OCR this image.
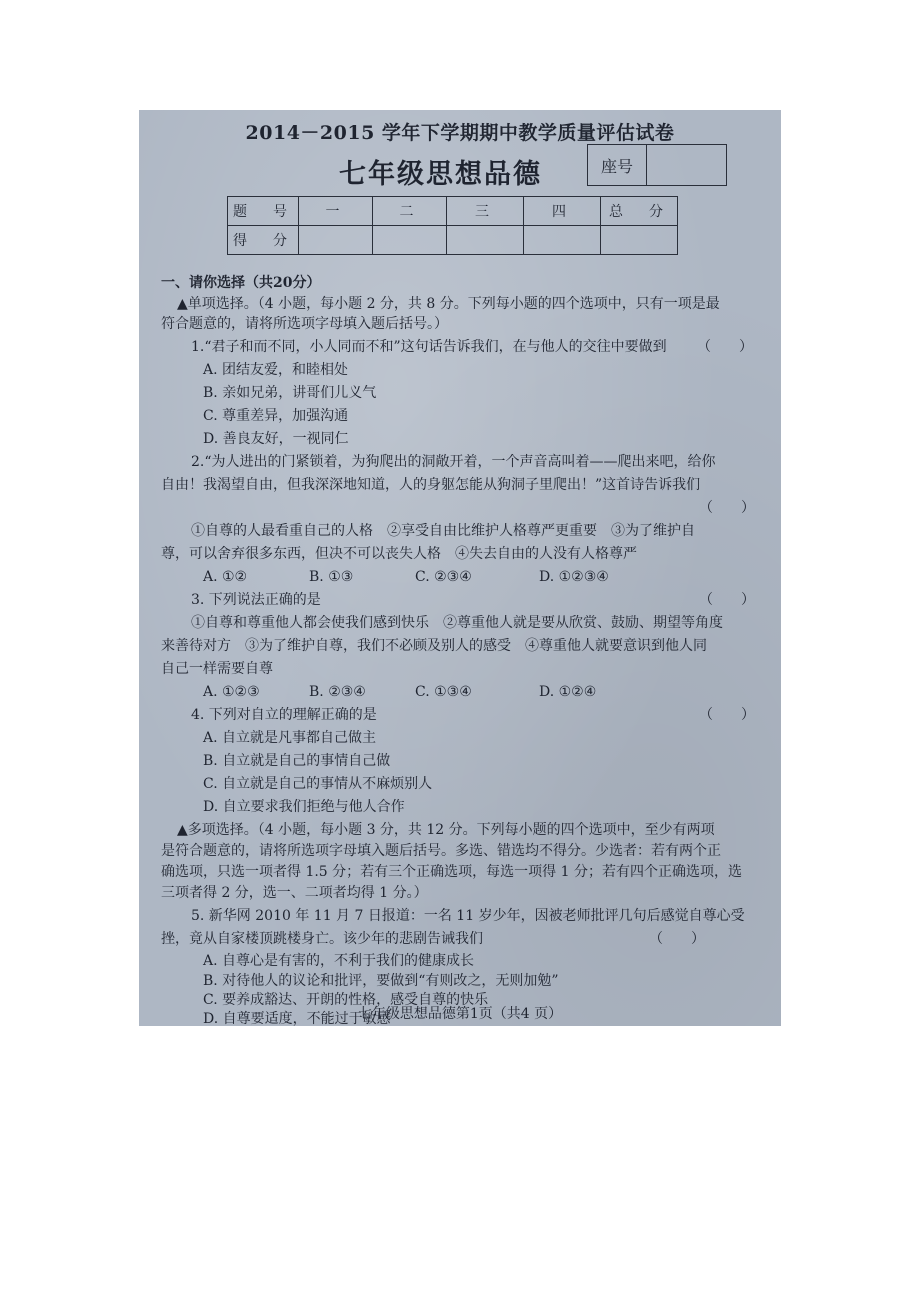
2014－2015 学年下学期期中教学质量评估试卷
七年级思想品德	座号
题　号	一	二	三	四	总　分
得　分					
一、请你选择（共20分）
▲单项选择。（4 小题，每小题 2 分，共 8 分。下列每小题的四个选项中，只有一项是最
符合题意的，请将所选项字母填入题后括号。）
1.“君子和而不同，小人同而不和”这句话告诉我们，在与他人的交往中要做到 （　　）
A. 团结友爱，和睦相处
B. 亲如兄弟，讲哥们儿义气
C. 尊重差异，加强沟通
D. 善良友好，一视同仁
2.“为人进出的门紧锁着，为狗爬出的洞敞开着，一个声音高叫着——爬出来吧，给你
自由！我渴望自由，但我深深地知道，人的身躯怎能从狗洞子里爬出！”这首诗告诉我们
（　　）
①自尊的人最看重自己的人格　②享受自由比维护人格尊严更重要　③为了维护自
尊，可以舍弃很多东西，但决不可以丧失人格　④失去自由的人没有人格尊严
A. ①②	B. ①③	C. ②③④	D. ①②③④
3. 下列说法正确的是	（　　）
①自尊和尊重他人都会使我们感到快乐　②尊重他人就是要从欣赏、鼓励、期望等角度
来善待对方　③为了维护自尊，我们不必顾及别人的感受　④尊重他人就要意识到他人同
自己一样需要自尊
A. ①②③	B. ②③④	C. ①③④	D. ①②④
4. 下列对自立的理解正确的是	（　　）
A. 自立就是凡事都自己做主
B. 自立就是自己的事情自己做
C. 自立就是自己的事情从不麻烦别人
D. 自立要求我们拒绝与他人合作
▲多项选择。（4 小题，每小题 3 分，共 12 分。下列每小题的四个选项中，至少有两项
是符合题意的，请将所选项字母填入题后括号。多选、错选均不得分。少选者：若有两个正
确选项，只选一项者得 1.5 分；若有三个正确选项，每选一项得 1 分；若有四个正确选项，选
三项者得 2 分，选一、二项者均得 1 分。）
5. 新华网 2010 年 11 月 7 日报道：一名 11 岁少年，因被老师批评几句后感觉自尊心受
挫，竟从自家楼顶跳楼身亡。该少年的悲剧告诫我们	（　　）
A. 自尊心是有害的，不利于我们的健康成长
B. 对待他人的议论和批评，要做到“有则改之，无则加勉”
C. 要养成豁达、开朗的性格，感受自尊的快乐
D. 自尊要适度，不能过于敏感
七年级思想品德第1页（共4 页）
